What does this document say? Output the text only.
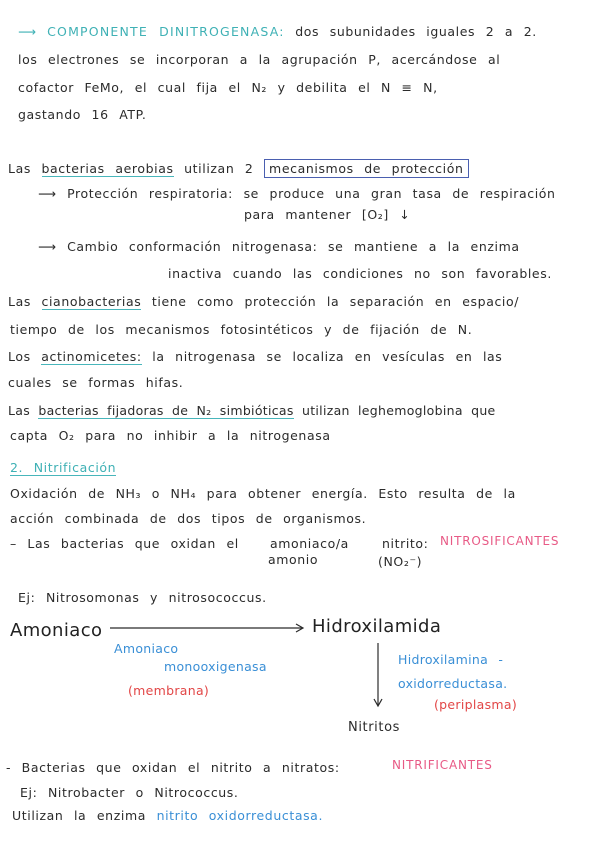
⟶ COMPONENTE DINITROGENASA: dos subunidades iguales 2 a 2.
los electrones se incorporan a la agrupación P, acercándose al
cofactor FeMo, el cual fija el N₂ y debilita el N ≡ N,
gastando 16 ATP.
Las bacterias aerobias utilizan 2 mecanismos de protección
⟶ Protección respiratoria: se produce una gran tasa de respiración
para mantener [O₂] ↓
⟶ Cambio conformación nitrogenasa: se mantiene a la enzima
inactiva cuando las condiciones no son favorables.
Las cianobacterias tiene como protección la separación en espacio/
tiempo de los mecanismos fotosintéticos y de fijación de N.
Los actinomicetes: la nitrogenasa se localiza en vesículas en las
cuales se formas hifas.
Las bacterias fijadoras de N₂ simbióticas utilizan leghemoglobina que
capta O₂ para no inhibir a la nitrogenasa
2. Nitrificación
Oxidación de NH₃ o NH₄ para obtener energía. Esto resulta de la
acción combinada de dos tipos de organismos.
– Las bacterias que oxidan el amoniaco/a
amonio
nitrito:
(NO₂⁻)
NITROSIFICANTES
Ej: Nitrosomonas y nitrosococcus.
Amoniaco	Hidroxilamida
Amoniaco
monooxigenasa
(membrana)
Hidroxilamina -
oxidorreductasa.
(periplasma)
Nitritos
- Bacterias que oxidan el nitrito a nitratos:	NITRIFICANTES
Ej: Nitrobacter o Nitrococcus.
Utilizan la enzima nitrito oxidorreductasa.
